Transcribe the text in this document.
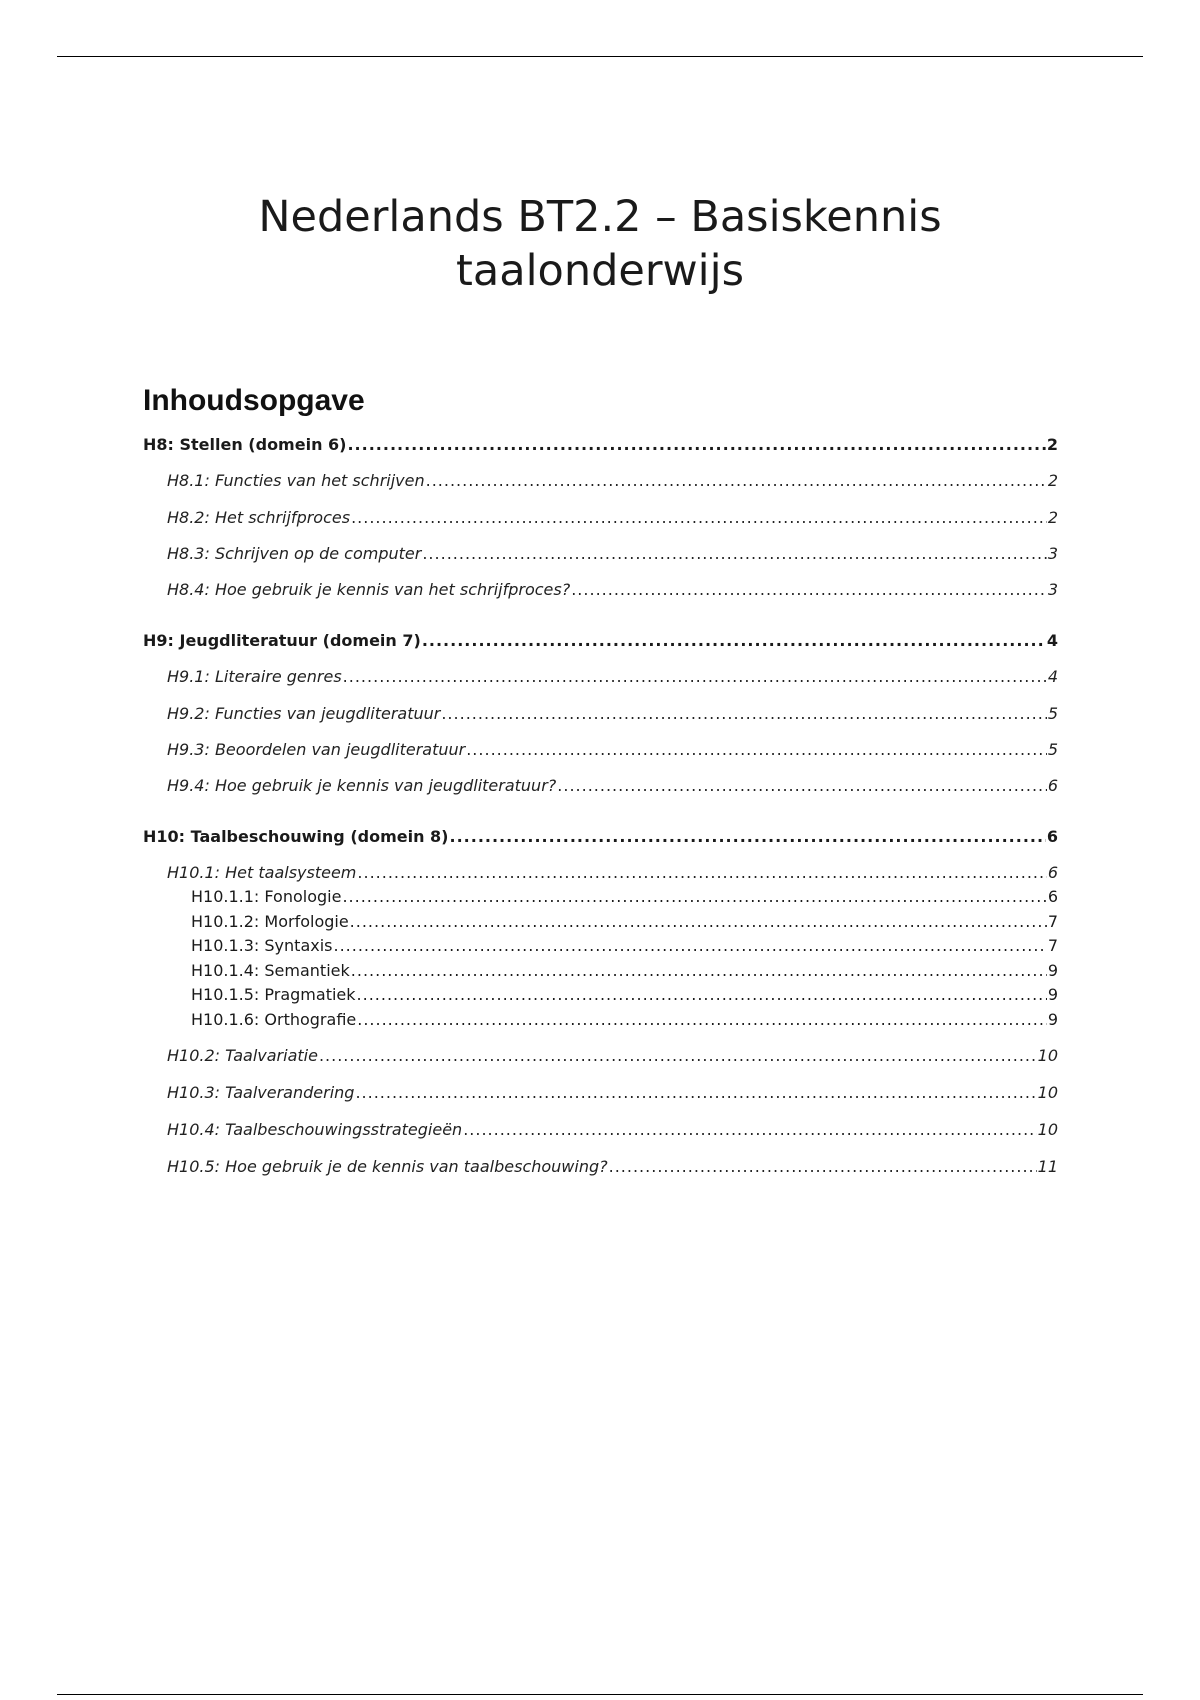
Nederlands BT2.2 – Basiskennis
taalonderwijs
Inhoudsopgave
H8: Stellen (domein 6) .....	2
H8.1: Functies van het schrijven .....	2
H8.2: Het schrijfproces .....	2
H8.3: Schrijven op de computer .....	3
H8.4: Hoe gebruik je kennis van het schrijfproces? .....	3
H9: Jeugdliteratuur (domein 7) .....	4
H9.1: Literaire genres .....	4
H9.2: Functies van jeugdliteratuur .....	5
H9.3: Beoordelen van jeugdliteratuur .....	5
H9.4: Hoe gebruik je kennis van jeugdliteratuur? .....	6
H10: Taalbeschouwing (domein 8) .....	6
H10.1: Het taalsysteem .....	6
H10.1.1: Fonologie .....	6
H10.1.2: Morfologie .....	7
H10.1.3: Syntaxis .....	7
H10.1.4: Semantiek .....	9
H10.1.5: Pragmatiek .....	9
H10.1.6: Orthografie .....	9
H10.2: Taalvariatie .....	10
H10.3: Taalverandering .....	10
H10.4: Taalbeschouwingsstrategieën .....	10
H10.5: Hoe gebruik je de kennis van taalbeschouwing? .....	11
